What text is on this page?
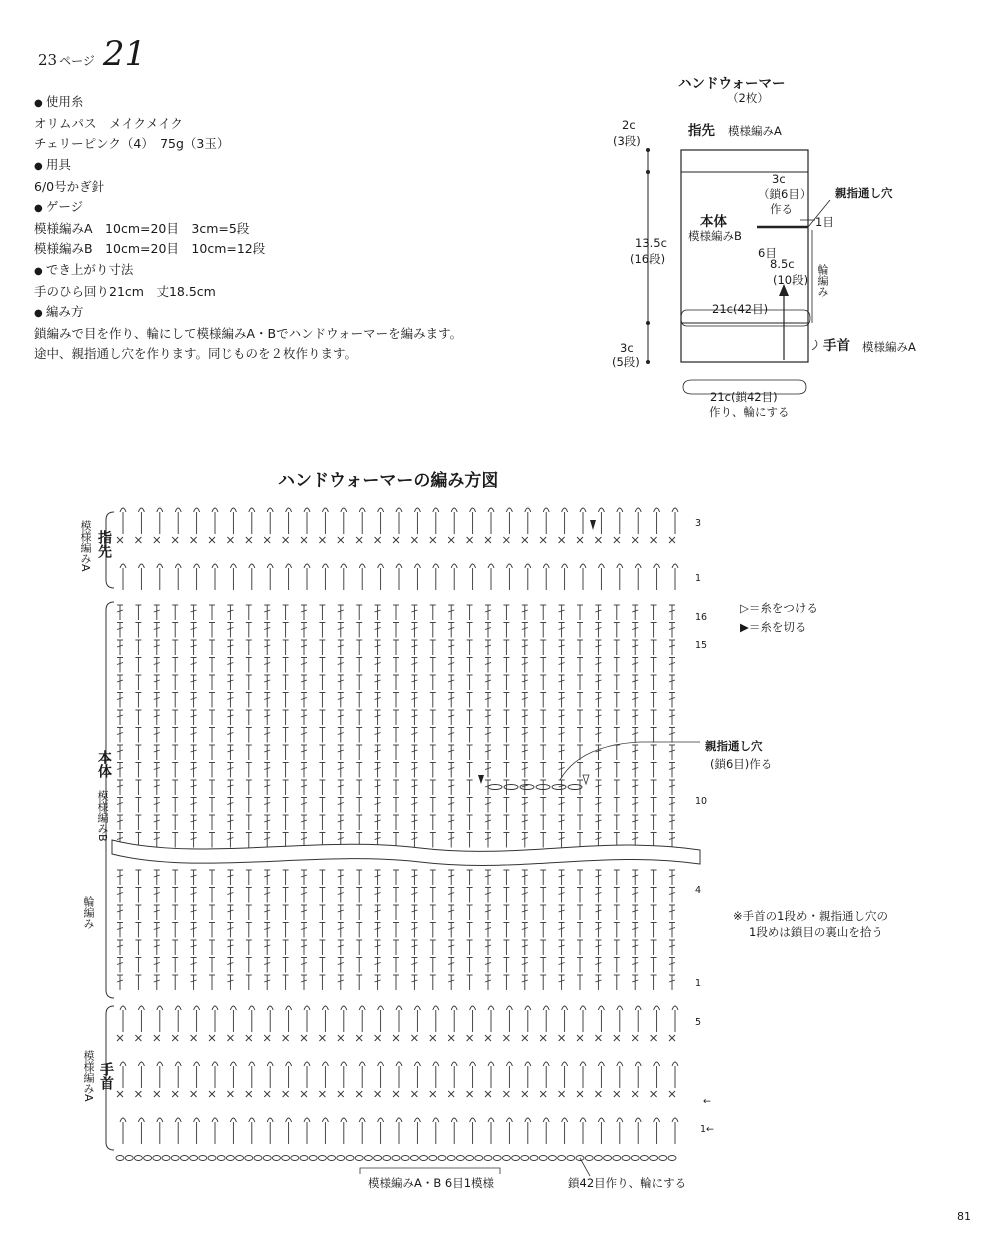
23 ページ 21
● 使用糸
オリムパス　メイクメイク
チェリーピンク（4）　75g（3玉）
● 用具
6/0号かぎ針
● ゲージ
模様編みA　10cm=20目　3cm=5段
模様編みB　10cm=20目　10cm=12段
● でき上がり寸法
手のひら回り21cm　丈18.5cm
● 編み方
鎖編みで目を作り、輪にして模様編みA・Bでハンドウォーマーを編みます。
途中、親指通し穴を作ります。同じものを２枚作ります。
ハンドウォーマー
（2枚）
指先 模様編みA
2c
(3段)
13.5c
(16段)
3c
(5段)
3c
（鎖6目）
作る
親指通し穴
1目
本体
模様編みB
6目
8.5c
(10段) 輪編み
21c(42目)
手首 模様編みA
21c(鎖42目)
作り、輪にする
ハンドウォーマーの編み方図
模様編みA 指先
本体
模様編みB
輪編み
模様編みA 手首
3
1
16
15
10
4
1
5
←
1←
▷＝糸をつける
▶＝糸を切る
親指通し穴
(鎖6目)作る
※手首の1段め・親指通し穴の
1段めは鎖目の裏山を拾う
模様編みA・B 6目1模様	鎖42目作り、輪にする
81
